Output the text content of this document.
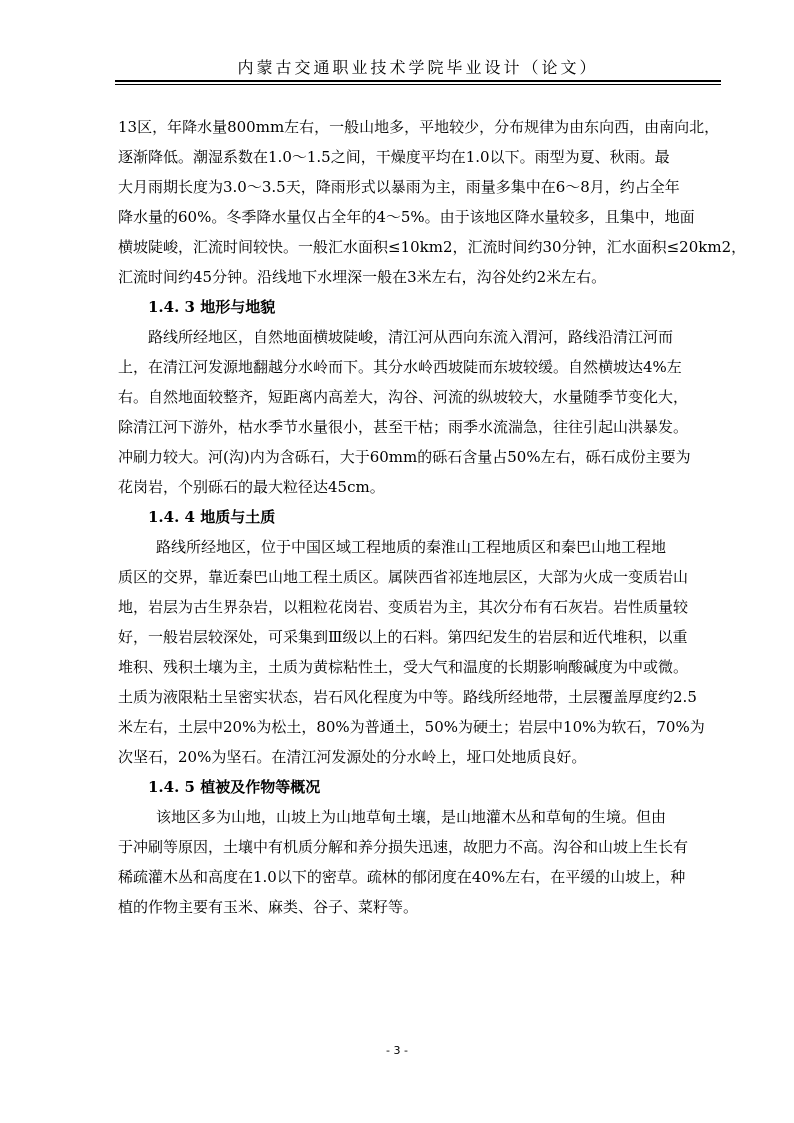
内蒙古交通职业技术学院毕业设计（论文）

13区，年降水量800mm左右，一般山地多，平地较少，分布规律为由东向西，由南向北，
逐渐降低。潮湿系数在1.0～1.5之间，干燥度平均在1.0以下。雨型为夏、秋雨。最
大月雨期长度为3.0～3.5天，降雨形式以暴雨为主，雨量多集中在6～8月，约占全年
降水量的60%。冬季降水量仅占全年的4～5%。由于该地区降水量较多，且集中，地面
横坡陡峻，汇流时间较快。一般汇水面积≤10km2，汇流时间约30分钟，汇水面积≤20km2，
汇流时间约45分钟。沿线地下水埋深一般在3米左右，沟谷处约2米左右。

1.4. 3 地形与地貌
路线所经地区，自然地面横坡陡峻，清江河从西向东流入渭河，路线沿清江河而
上，在清江河发源地翻越分水岭而下。其分水岭西坡陡而东坡较缓。自然横坡达4%左
右。自然地面较整齐，短距离内高差大，沟谷、河流的纵坡较大，水量随季节变化大，
除清江河下游外，枯水季节水量很小，甚至干枯；雨季水流湍急，往往引起山洪暴发。
冲刷力较大。河(沟)内为含砾石，大于60mm的砾石含量占50%左右，砾石成份主要为
花岗岩，个别砾石的最大粒径达45cm。
1.4. 4 地质与土质
路线所经地区，位于中国区域工程地质的秦淮山工程地质区和秦巴山地工程地
质区的交界，靠近秦巴山地工程土质区。属陕西省祁连地层区，大部为火成一变质岩山
地，岩层为古生界杂岩，以粗粒花岗岩、变质岩为主，其次分布有石灰岩。岩性质量较
好，一般岩层较深处，可采集到Ⅲ级以上的石料。第四纪发生的岩层和近代堆积，以重
堆积、残积土壤为主，土质为黄棕粘性土，受大气和温度的长期影响酸碱度为中或微。
土质为液限粘土呈密实状态，岩石风化程度为中等。路线所经地带，土层覆盖厚度约2.5
米左右，土层中20%为松土，80%为普通土，50%为硬土；岩层中10%为软石，70%为
次坚石，20%为坚石。在清江河发源处的分水岭上，垭口处地质良好。
1.4. 5 植被及作物等概况
该地区多为山地，山坡上为山地草甸土壤，是山地灌木丛和草甸的生境。但由
于冲刷等原因，土壤中有机质分解和养分损失迅速，故肥力不高。沟谷和山坡上生长有
稀疏灌木丛和高度在1.0以下的密草。疏林的郁闭度在40%左右，在平缓的山坡上，种
植的作物主要有玉米、麻类、谷子、菜籽等。
- 3 -
